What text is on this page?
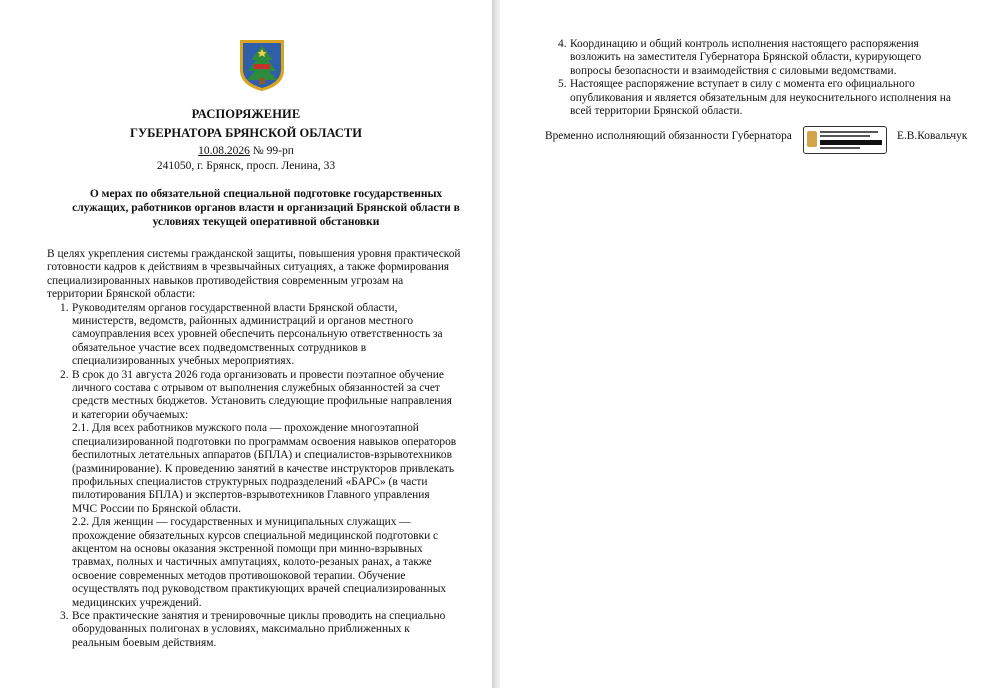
РАСПОРЯЖЕНИЕ
ГУБЕРНАТОРА БРЯНСКОЙ ОБЛАСТИ
10.08.2026 № 99-рп
241050, г. Брянск, просп. Ленина, 33
О мерах по обязательной специальной подготовке государственных
служащих, работников органов власти и организаций Брянской области в
условиях текущей оперативной обстановки
В целях укрепления системы гражданской защиты, повышения уровня практической
готовности кадров к действиям в чрезвычайных ситуациях, а также формирования
специализированных навыков противодействия современным угрозам на
территории Брянской области:
1. Руководителям органов государственной власти Брянской области,
министерств, ведомств, районных администраций и органов местного
самоуправления всех уровней обеспечить персональную ответственность за
обязательное участие всех подведомственных сотрудников в
специализированных учебных мероприятиях.
2. В срок до 31 августа 2026 года организовать и провести поэтапное обучение
личного состава с отрывом от выполнения служебных обязанностей за счет
средств местных бюджетов. Установить следующие профильные направления
и категории обучаемых:
2.1. Для всех работников мужского пола — прохождение многоэтапной
специализированной подготовки по программам освоения навыков операторов
беспилотных летательных аппаратов (БПЛА) и специалистов-взрывотехников
(разминирование). К проведению занятий в качестве инструкторов привлекать
профильных специалистов структурных подразделений «БАРС» (в части
пилотирования БПЛА) и экспертов-взрывотехников Главного управления
МЧС России по Брянской области.
2.2. Для женщин — государственных и муниципальных служащих —
прохождение обязательных курсов специальной медицинской подготовки с
акцентом на основы оказания экстренной помощи при минно-взрывных
травмах, полных и частичных ампутациях, колото-резаных ранах, а также
освоение современных методов противошоковой терапии. Обучение
осуществлять под руководством практикующих врачей специализированных
медицинских учреждений.
3. Все практические занятия и тренировочные циклы проводить на специально
оборудованных полигонах в условиях, максимально приближенных к
реальным боевым действиям.
4. Координацию и общий контроль исполнения настоящего распоряжения
возложить на заместителя Губернатора Брянской области, курирующего
вопросы безопасности и взаимодействия с силовыми ведомствами.
5. Настоящее распоряжение вступает в силу с момента его официального
опубликования и является обязательным для неукоснительного исполнения на
всей территории Брянской области.
Временно исполняющий обязанности Губернатора	Е.В.Ковальчук
